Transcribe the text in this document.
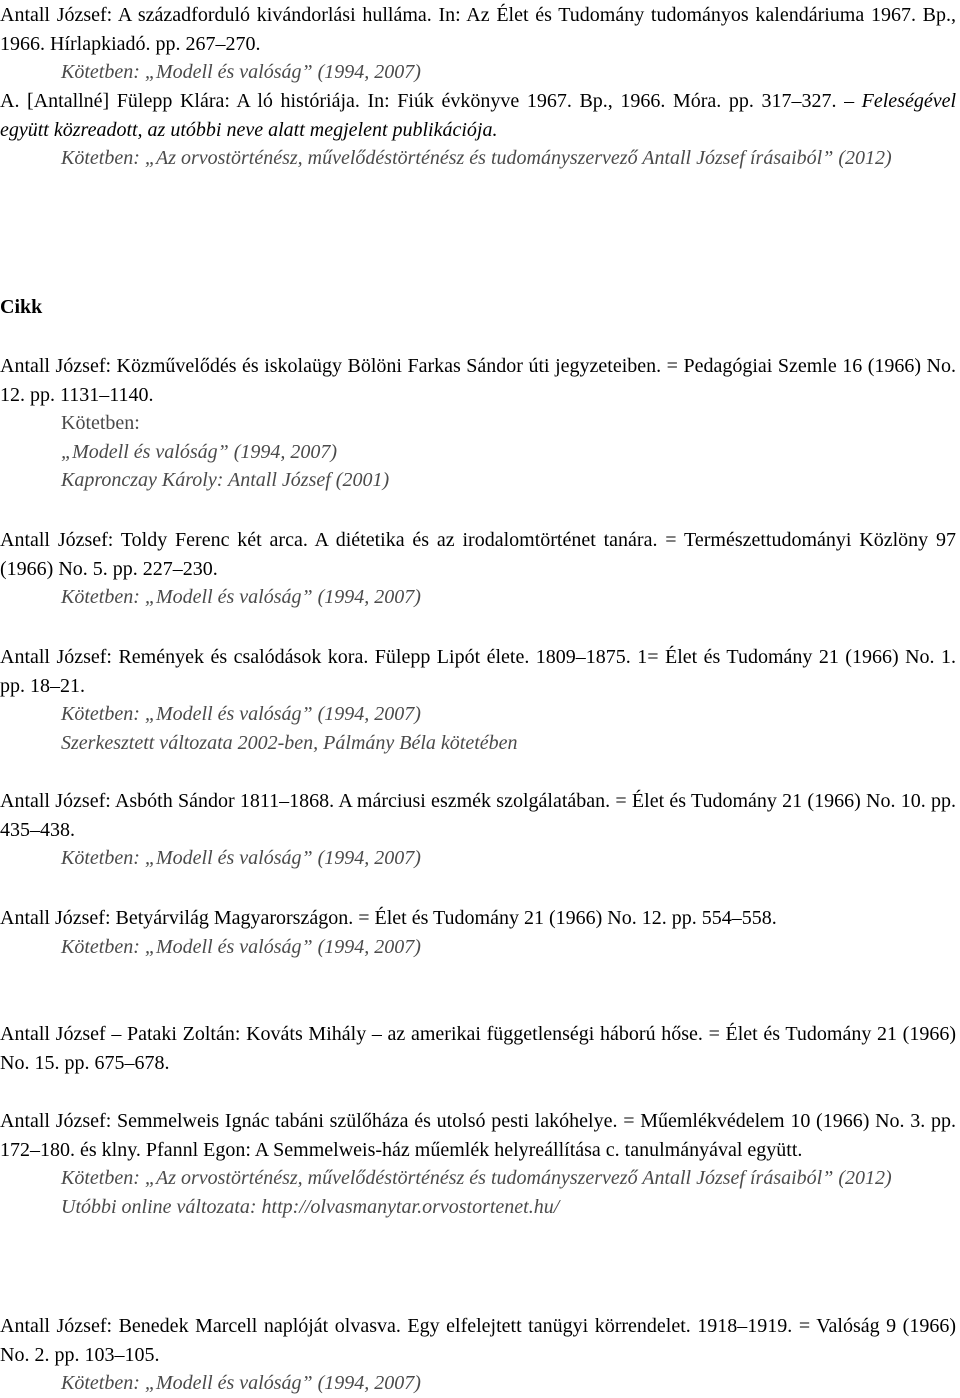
Antall József: A századforduló kivándorlási hulláma. In: Az Élet és Tudomány tudományos kalendáriuma 1967. Bp., 1966. Hírlapkiadó. pp. 267–270.

Kötetben: „Modell és valóság” (1994, 2007)

A. [Antallné] Fülepp Klára: A ló históriája. In: Fiúk évkönyve 1967. Bp., 1966. Móra. pp. 317–327. – Feleségével együtt közreadott, az utóbbi neve alatt megjelent publikációja.

Kötetben: „Az orvostörténész, művelődéstörténész és tudományszervező Antall József írásaiból” (2012)

Cikk

Antall József: Közművelődés és iskolaügy Bölöni Farkas Sándor úti jegyzeteiben. = Pedagógiai Szemle 16 (1966) No. 12. pp. 1131–1140.

Kötetben:

„Modell és valóság” (1994, 2007)

Kapronczay Károly: Antall József (2001)

Antall József: Toldy Ferenc két arca. A diétetika és az irodalomtörténet tanára. = Természettudományi Közlöny 97 (1966) No. 5. pp. 227–230.

Kötetben: „Modell és valóság” (1994, 2007)

Antall József: Remények és csalódások kora. Fülepp Lipót élete. 1809–1875. 1= Élet és Tudomány 21 (1966) No. 1. pp. 18–21.

Kötetben: „Modell és valóság” (1994, 2007)

Szerkesztett változata 2002-ben, Pálmány Béla kötetében

Antall József: Asbóth Sándor 1811–1868. A márciusi eszmék szolgálatában. = Élet és Tudomány 21 (1966) No. 10. pp. 435–438.

Kötetben: „Modell és valóság” (1994, 2007)

Antall József: Betyárvilág Magyarországon. = Élet és Tudomány 21 (1966) No. 12. pp. 554–558.

Kötetben: „Modell és valóság” (1994, 2007)

Antall József – Pataki Zoltán: Kováts Mihály – az amerikai függetlenségi háború hőse. = Élet és Tudomány 21 (1966) No. 15. pp. 675–678.

Antall József: Semmelweis Ignác tabáni szülőháza és utolsó pesti lakóhelye. = Műemlékvédelem 10 (1966) No. 3. pp. 172–180. és klny. Pfannl Egon: A Semmelweis-ház műemlék helyreállítása c. tanulmányával együtt.

Kötetben: „Az orvostörténész, művelődéstörténész és tudományszervező Antall József írásaiból” (2012)

Utóbbi online változata: http://olvasmanytar.orvostortenet.hu/

Antall József: Benedek Marcell naplóját olvasva. Egy elfelejtett tanügyi körrendelet. 1918–1919. = Valóság 9 (1966) No. 2. pp. 103–105.

Kötetben: „Modell és valóság” (1994, 2007)
